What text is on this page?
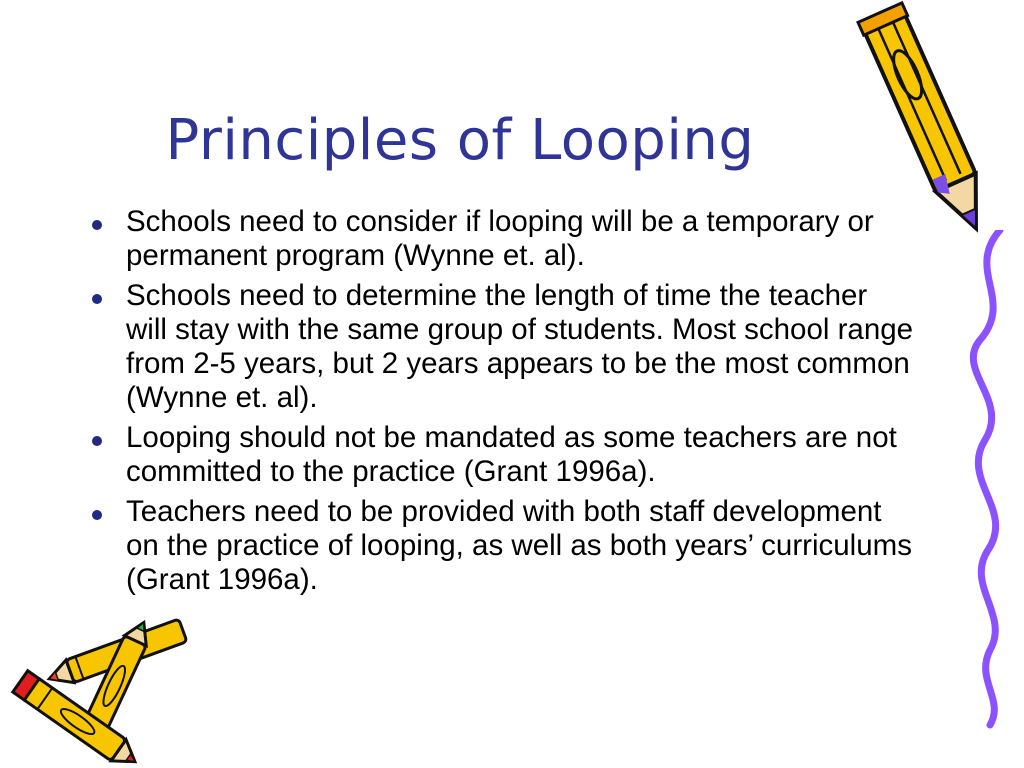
Principles of Looping
Schools need to consider if looping will be a temporary or permanent program (Wynne et. al).
Schools need to determine the length of time the teacher will stay with the same group of students. Most school range from 2-5 years, but 2 years appears to be the most common (Wynne et. al).
Looping should not be mandated as some teachers are not committed to the practice (Grant 1996a).
Teachers need to be provided with both staff development on the practice of looping, as well as both years’ curriculums (Grant 1996a).
